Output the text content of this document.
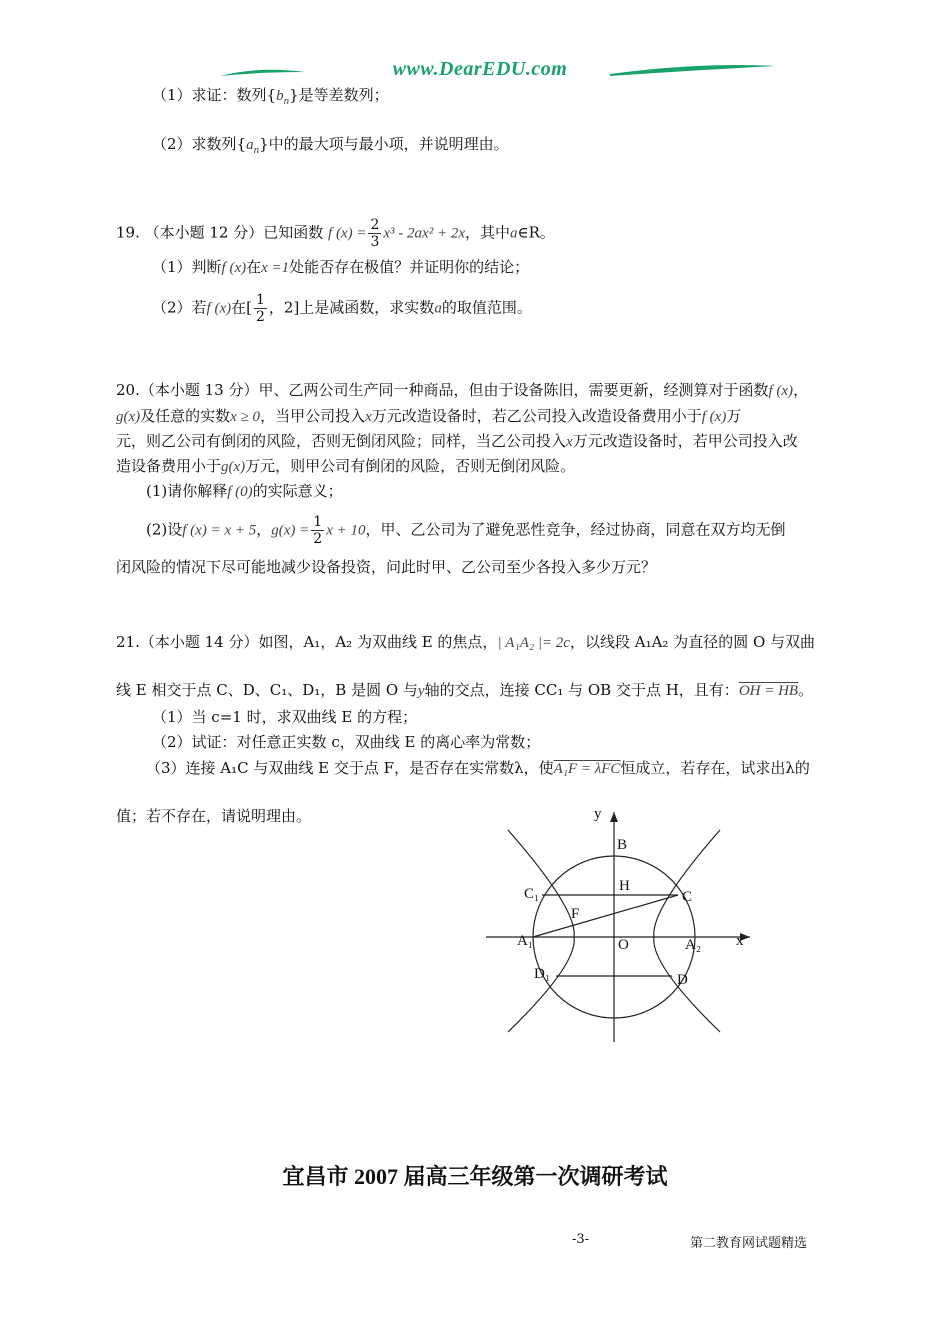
www.DearEDU.com
（1）求证：数列$\{b_n\}$是等差数列；
（2）求数列$\{a_n\}$中的最大项与最小项，并说明理由。
19. （本小题 12 分）已知函数 f $(x) = \frac{2}{3} x^3 - 2ax^2 + 2x$，其中a∈R。
（1）判断f (x)在x =1处能否存在极值？并证明你的结论；
（2）若f (x)在[ $\frac{1}{2}$ ，2]上是减函数，求实数a的取值范围。
20.（本小题 13 分）甲、乙两公司生产同一种商品，但由于设备陈旧，需要更新，经测算对于函数f (x)，
g(x)及任意的实数x ≥ 0，当甲公司投入x万元改造设备时，若乙公司投入改造设备费用小于f (x)万
元，则乙公司有倒闭的风险，否则无倒闭风险；同样，当乙公司投入x万元改造设备时，若甲公司投入改
造设备费用小于g(x)万元，则甲公司有倒闭的风险，否则无倒闭风险。
(1)请你解释f (0)的实际意义；
(2)设f (x) = x + 5，$g(x) = \frac{1}{2}$ x + 10，甲、乙公司为了避免恶性竞争，经过协商，同意在双方均无倒
闭风险的情况下尽可能地减少设备投资，问此时甲、乙公司至少各投入多少万元？
21.（本小题 14 分）如图，A₁，A₂ 为双曲线 E 的焦点，| A₁A₂ |= 2c，以线段 A₁A₂ 为直径的圆 O 与双曲
线 E 相交于点 C、D、C₁、D₁，B 是圆 O 与y轴的交点，连接 CC₁ 与 OB 交于点 H，且有：OH = HB。
（1）当 c=1 时，求双曲线 E 的方程；
（2）试证：对任意正实数 c，双曲线 E 的离心率为常数；
（3）连接 A₁C 与双曲线 E 交于点 F，是否存在实常数λ，使A₁F = λFC恒成立，若存在，试求出λ的
值；若不存在，请说明理由。	y
B
H
C₁	C
F
A₁	O	A₂ x
D₁	D
宜昌市 2007 届高三年级第一次调研考试
-3-	第二教育网试题精选
